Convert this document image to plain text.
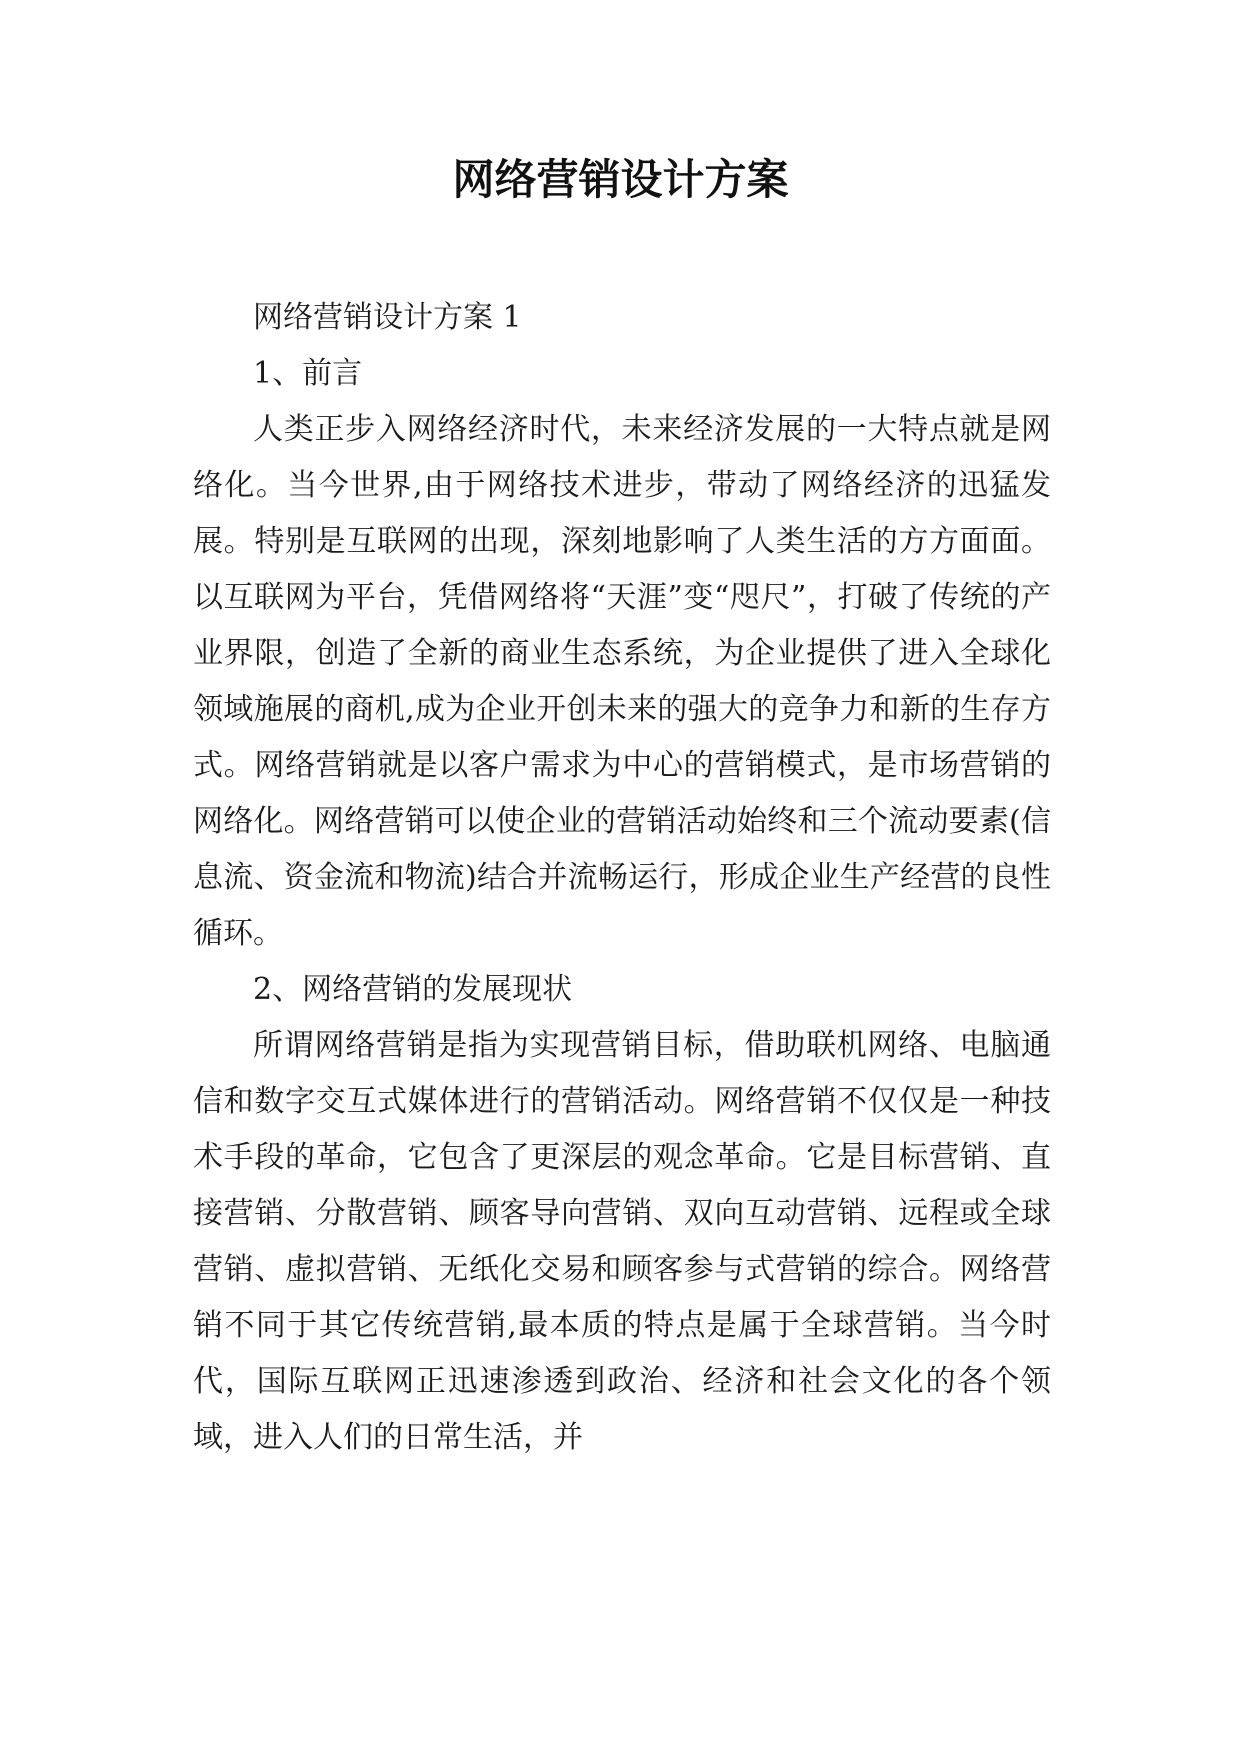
网络营销设计方案

网络营销设计方案 1

1、前言

人类正步入网络经济时代，未来经济发展的一大特点就是网络化。当今世界,由于网络技术进步，带动了网络经济的迅猛发展。特别是互联网的出现，深刻地影响了人类生活的方方面面。以互联网为平台，凭借网络将“天涯”变“咫尺”，打破了传统的产业界限，创造了全新的商业生态系统，为企业提供了进入全球化领域施展的商机,成为企业开创未来的强大的竞争力和新的生存方式。网络营销就是以客户需求为中心的营销模式，是市场营销的网络化。网络营销可以使企业的营销活动始终和三个流动要素(信息流、资金流和物流)结合并流畅运行，形成企业生产经营的良性循环。

2、网络营销的发展现状

所谓网络营销是指为实现营销目标，借助联机网络、电脑通信和数字交互式媒体进行的营销活动。网络营销不仅仅是一种技术手段的革命，它包含了更深层的观念革命。它是目标营销、直接营销、分散营销、顾客导向营销、双向互动营销、远程或全球营销、虚拟营销、无纸化交易和顾客参与式营销的综合。网络营销不同于其它传统营销,最本质的特点是属于全球营销。当今时代，国际互联网正迅速渗透到政治、经济和社会文化的各个领域，进入人们的日常生活，并
